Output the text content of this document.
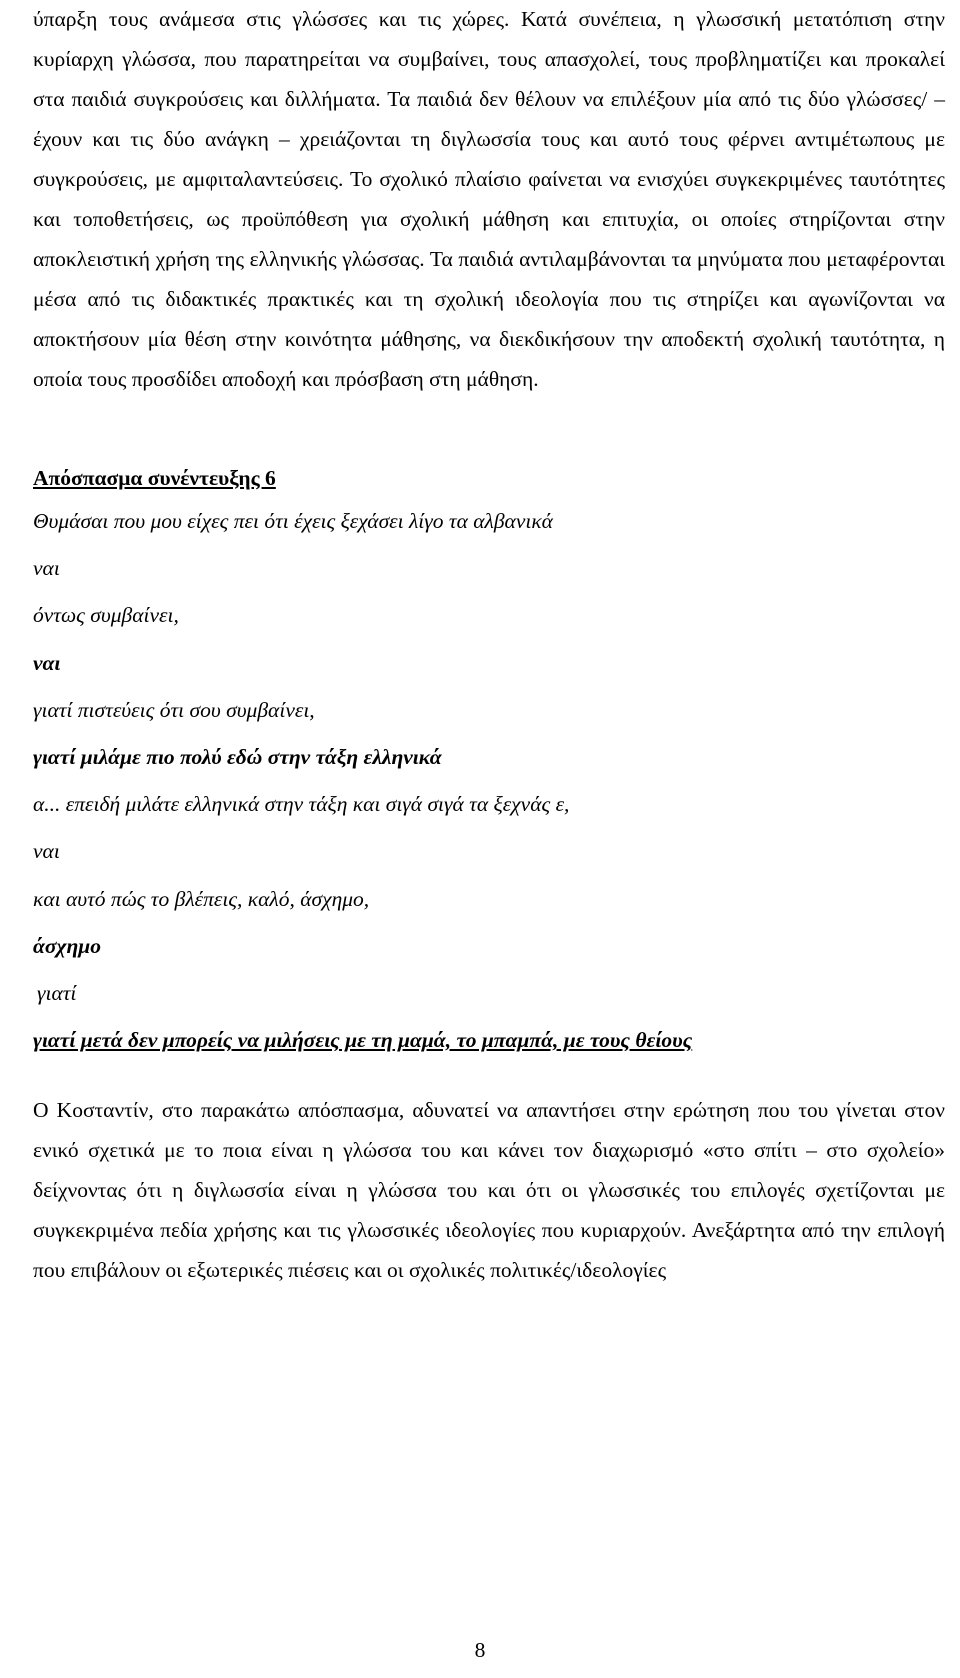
ύπαρξη τους ανάμεσα στις γλώσσες και τις χώρες. Κατά συνέπεια, η γλωσσική μετατόπιση στην κυρίαρχη γλώσσα, που παρατηρείται να συμβαίνει, τους απασχολεί, τους προβληματίζει και προκαλεί στα παιδιά συγκρούσεις και διλλήματα. Τα παιδιά δεν θέλουν να επιλέξουν μία από τις δύο γλώσσες/ – έχουν και τις δύο ανάγκη – χρειάζονται τη διγλωσσία τους και αυτό τους φέρνει αντιμέτωπους με συγκρούσεις, με αμφιταλαντεύσεις. Το σχολικό πλαίσιο φαίνεται να ενισχύει συγκεκριμένες ταυτότητες και τοποθετήσεις, ως προϋπόθεση για σχολική μάθηση και επιτυχία, οι οποίες στηρίζονται στην αποκλειστική χρήση της ελληνικής γλώσσας. Τα παιδιά αντιλαμβάνονται τα μηνύματα που μεταφέρονται μέσα από τις διδακτικές πρακτικές και τη σχολική ιδεολογία που τις στηρίζει και αγωνίζονται να αποκτήσουν μία θέση στην κοινότητα μάθησης, να διεκδικήσουν την αποδεκτή σχολική ταυτότητα, η οποία τους προσδίδει αποδοχή και πρόσβαση στη μάθηση.

Απόσπασμα συνέντευξης 6
Θυμάσαι που μου είχες πει ότι έχεις ξεχάσει λίγο τα αλβανικά
ναι
όντως συμβαίνει,
ναι
γιατί πιστεύεις ότι σου συμβαίνει,
γιατί μιλάμε πιο πολύ εδώ στην τάξη ελληνικά
α... επειδή μιλάτε ελληνικά στην τάξη και σιγά σιγά τα ξεχνάς ε,
ναι
και αυτό πώς το βλέπεις, καλό, άσχημο,
άσχημο
γιατί
γιατί μετά δεν μπορείς να μιλήσεις με τη μαμά, το μπαμπά, με τους θείους

Ο Κοσταντίν, στο παρακάτω απόσπασμα, αδυνατεί να απαντήσει στην ερώτηση που του γίνεται στον ενικό σχετικά με το ποια είναι η γλώσσα του και κάνει τον διαχωρισμό «στο σπίτι – στο σχολείο» δείχνοντας ότι η διγλωσσία είναι η γλώσσα του και ότι οι γλωσσικές του επιλογές σχετίζονται με συγκεκριμένα πεδία χρήσης και τις γλωσσικές ιδεολογίες που κυριαρχούν. Ανεξάρτητα από την επιλογή που επιβάλουν οι εξωτερικές πιέσεις και οι σχολικές πολιτικές/ιδεολογίες

8
